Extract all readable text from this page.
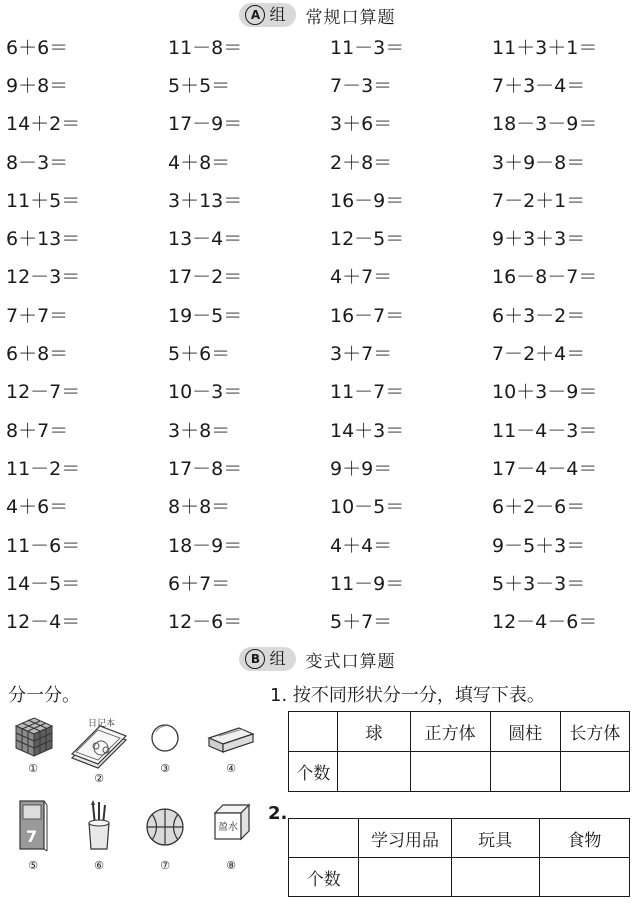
A 组 常规口算题
6＋6＝	11－8＝	11－3＝	11＋3＋1＝
9＋8＝	5＋5＝	7－3＝	7＋3－4＝
14＋2＝	17－9＝	3＋6＝	18－3－9＝
8－3＝	4＋8＝	2＋8＝	3＋9－8＝
11＋5＝	3＋13＝	16－9＝	7－2＋1＝
6＋13＝	13－4＝	12－5＝	9＋3＋3＝
12－3＝	17－2＝	4＋7＝	16－8－7＝
7＋7＝	19－5＝	16－7＝	6＋3－2＝
6＋8＝	5＋6＝	3＋7＝	7－2＋4＝
12－7＝	10－3＝	11－7＝	10＋3－9＝
8＋7＝	3＋8＝	14＋3＝	11－4－3＝
11－2＝	17－8＝	9＋9＝	17－4－4＝
4＋6＝	8＋8＝	10－5＝	6＋2－6＝
11－6＝	18－9＝	4＋4＝	9－5＋3＝
14－5＝	6＋7＝	11－9＝	5＋3－3＝
12－4＝	12－6＝	5＋7＝	12－4－6＝
B 组 变式口算题
分一分。	1. 按不同形状分一分，填写下表。
2.
①
日记本
②
③	④
7
⑤	⑥	⑦
盈水
⑧
	球	正方体	圆柱	长方体
个数				
	学习用品	玩具	食物
个数			
